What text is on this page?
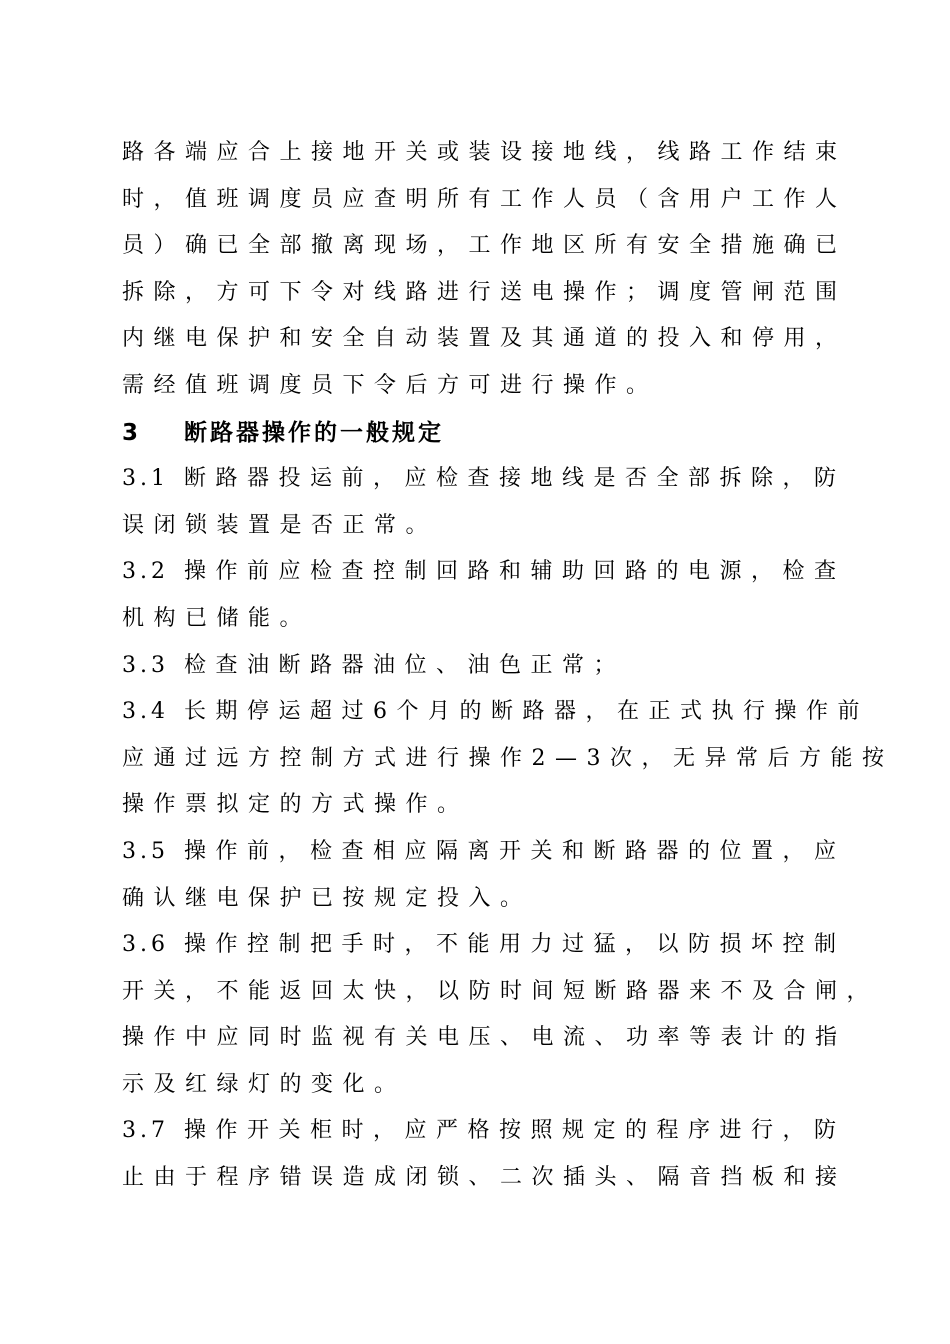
路各端应合上接地开关或装设接地线，线路工作结束
时，值班调度员应查明所有工作人员（含用户工作人
员）确已全部撤离现场，工作地区所有安全措施确已
拆除，方可下令对线路进行送电操作；调度管闸范围
内继电保护和安全自动装置及其通道的投入和停用，
需经值班调度员下令后方可进行操作。
3 断路器操作的一般规定
3.1 断路器投运前，应检查接地线是否全部拆除，防
误闭锁装置是否正常。
3.2 操作前应检查控制回路和辅助回路的电源，检查
机构已储能。
3.3 检查油断路器油位、油色正常；
3.4 长期停运超过6个月的断路器，在正式执行操作前
应通过远方控制方式进行操作2—3次，无异常后方能按
操作票拟定的方式操作。
3.5 操作前，检查相应隔离开关和断路器的位置，应
确认继电保护已按规定投入。
3.6 操作控制把手时，不能用力过猛，以防损坏控制
开关，不能返回太快，以防时间短断路器来不及合闸，
操作中应同时监视有关电压、电流、功率等表计的指
示及红绿灯的变化。
3.7 操作开关柜时，应严格按照规定的程序进行，防
止由于程序错误造成闭锁、二次插头、隔音挡板和接
